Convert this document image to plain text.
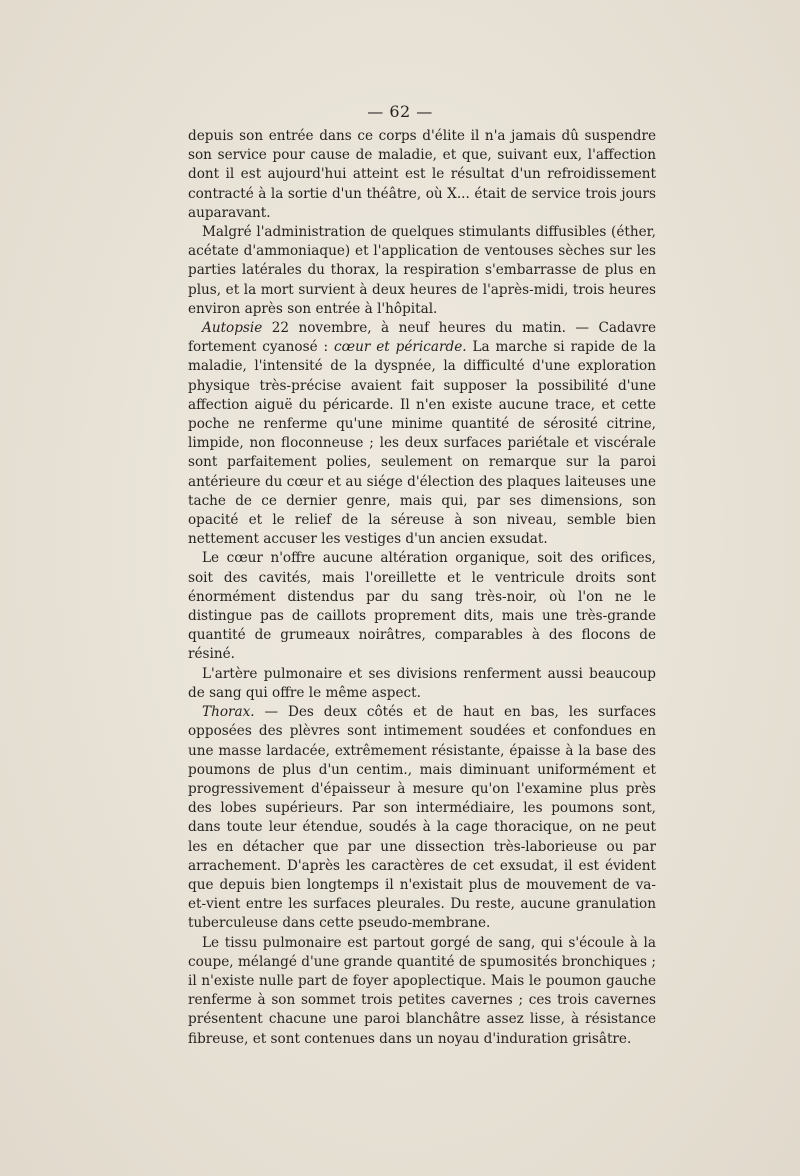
— 62 —

depuis son entrée dans ce corps d'élite il n'a jamais dû suspendre son service pour cause de maladie, et que, suivant eux, l'affection dont il est aujourd'hui atteint est le résultat d'un refroidissement contracté à la sortie d'un théâtre, où X... était de service trois jours auparavant.

Malgré l'administration de quelques stimulants diffusibles (éther, acétate d'ammoniaque) et l'application de ventouses sèches sur les parties latérales du thorax, la respiration s'embarrasse de plus en plus, et la mort survient à deux heures de l'après-midi, trois heures environ après son entrée à l'hôpital.

Autopsie 22 novembre, à neuf heures du matin. — Cadavre fortement cyanosé : cœur et péricarde. La marche si rapide de la maladie, l'intensité de la dyspnée, la difficulté d'une exploration physique très-précise avaient fait supposer la possibilité d'une affection aiguë du péricarde. Il n'en existe aucune trace, et cette poche ne renferme qu'une minime quantité de sérosité citrine, limpide, non floconneuse ; les deux surfaces pariétale et viscérale sont parfaitement polies, seulement on remarque sur la paroi antérieure du cœur et au siége d'élection des plaques laiteuses une tache de ce dernier genre, mais qui, par ses dimensions, son opacité et le relief de la séreuse à son niveau, semble bien nettement accuser les vestiges d'un ancien exsudat.

Le cœur n'offre aucune altération organique, soit des orifices, soit des cavités, mais l'oreillette et le ventricule droits sont énormément distendus par du sang très-noir, où l'on ne le distingue pas de caillots proprement dits, mais une très-grande quantité de grumeaux noirâtres, comparables à des flocons de résiné.

L'artère pulmonaire et ses divisions renferment aussi beaucoup de sang qui offre le même aspect.

Thorax. — Des deux côtés et de haut en bas, les surfaces opposées des plèvres sont intimement soudées et confondues en une masse lardacée, extrêmement résistante, épaisse à la base des poumons de plus d'un centim., mais diminuant uniformément et progressivement d'épaisseur à mesure qu'on l'examine plus près des lobes supérieurs. Par son intermédiaire, les poumons sont, dans toute leur étendue, soudés à la cage thoracique, on ne peut les en détacher que par une dissection très-laborieuse ou par arrachement. D'après les caractères de cet exsudat, il est évident que depuis bien longtemps il n'existait plus de mouvement de va-et-vient entre les surfaces pleurales. Du reste, aucune granulation tuberculeuse dans cette pseudo-membrane.

Le tissu pulmonaire est partout gorgé de sang, qui s'écoule à la coupe, mélangé d'une grande quantité de spumosités bronchiques ; il n'existe nulle part de foyer apoplectique. Mais le poumon gauche renferme à son sommet trois petites cavernes ; ces trois cavernes présentent chacune une paroi blanchâtre assez lisse, à résistance fibreuse, et sont contenues dans un noyau d'induration grisâtre.
